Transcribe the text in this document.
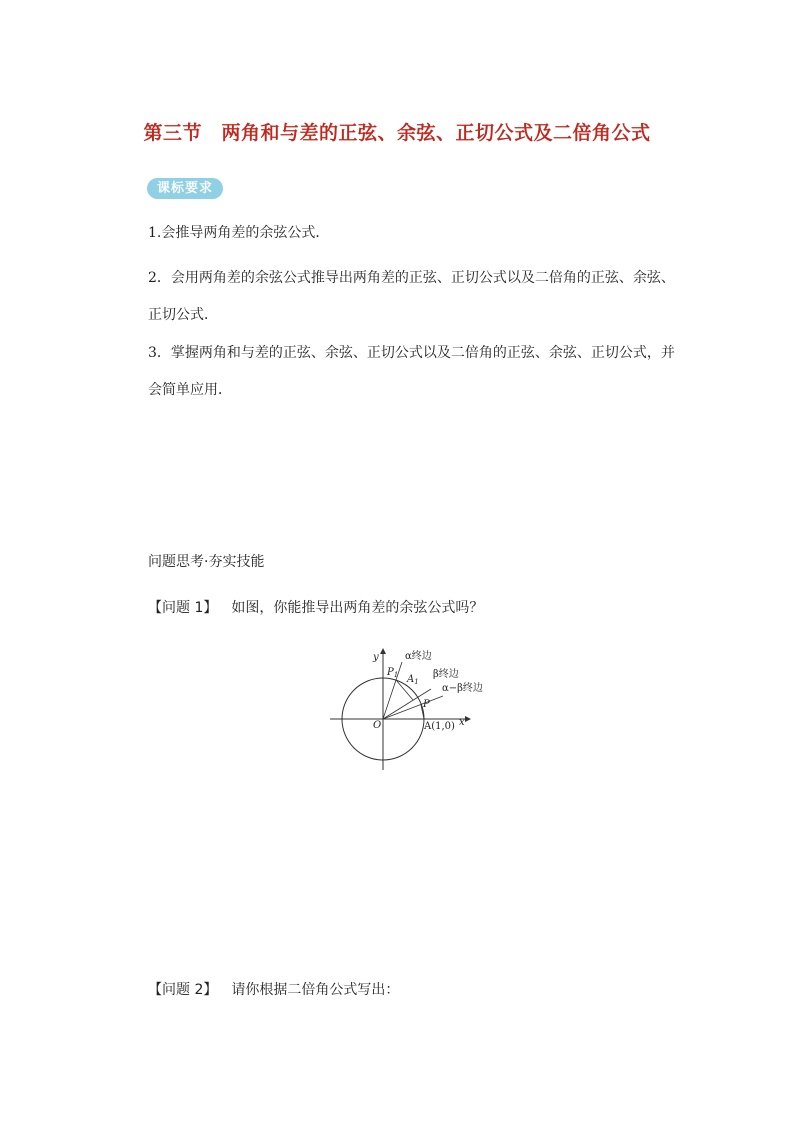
第三节　两角和与差的正弦、余弦、正切公式及二倍角公式
课标要求
1.会推导两角差的余弦公式．
2．会用两角差的余弦公式推导出两角差的正弦、正切公式以及二倍角的正弦、余弦、正切公式．
3．掌握两角和与差的正弦、余弦、正切公式以及二倍角的正弦、余弦、正切公式，并会简单应用．
问题思考·夯实技能
【问题 1】 如图，你能推导出两角差的余弦公式吗？
y
x
O
α终边
β终边
α−β终边
$P_1$ $A_1$
P
A(1,0)
【问题 2】 请你根据二倍角公式写出：
